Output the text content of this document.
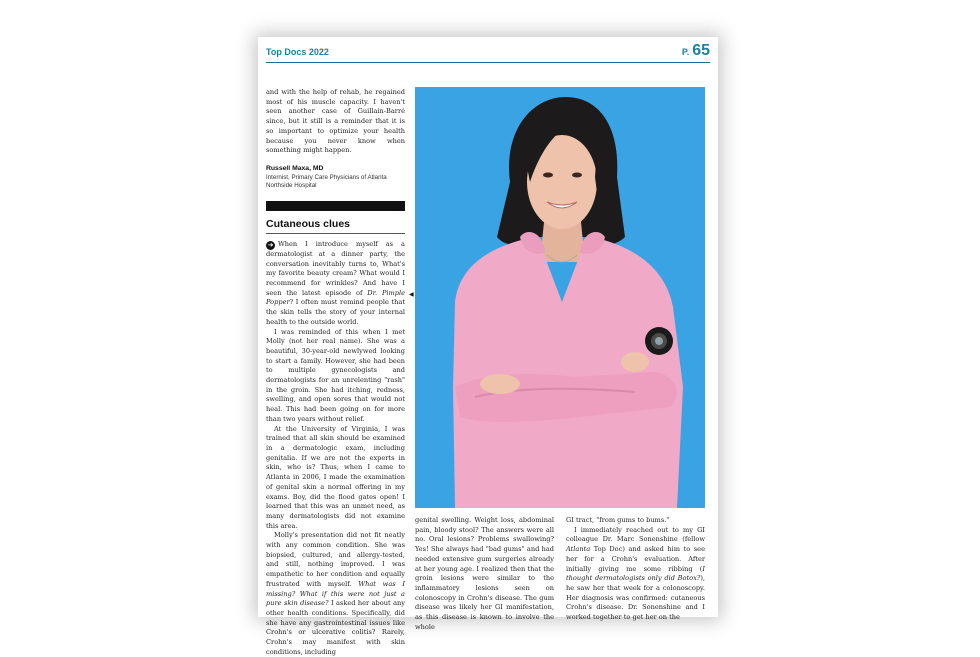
Top Docs 2022	P. 65

and with the help of rehab, he regained most of his muscle capacity. I haven't seen another case of Guillain-Barré since, but it still is a reminder that it is so important to optimize your health because you never know when something might happen.

Russell Maxa, MD
Internist, Primary Care Physicians of Atlanta Northside Hospital
Cutaneous clues

➔ When I introduce myself as a dermatologist at a dinner party, the conversation inevitably turns to, What's my favorite beauty cream? What would I recommend for wrinkles? And have I seen the latest episode of Dr. Pimple Popper? I often must remind people that the skin tells the story of your internal health to the outside world.

I was reminded of this when I met Molly (not her real name). She was a beautiful, 30-year-old newlywed looking to start a family. However, she had been to multiple gynecologists and dermatologists for an unrelenting "rash" in the groin. She had itching, redness, swelling, and open sores that would not heal. This had been going on for more than two years without relief.

At the University of Virginia, I was trained that all skin should be examined in a dermatologic exam, including genitalia. If we are not the experts in skin, who is? Thus, when I came to Atlanta in 2006, I made the examination of genital skin a normal offering in my exams. Boy, did the flood gates open! I learned that this was an unmet need, as many dermatologists did not examine this area.

Molly's presentation did not fit neatly with any common condition. She was biopsied, cultured, and allergy-tested, and still, nothing improved. I was empathetic to her condition and equally frustrated with myself. What was I missing? What if this were not just a pure skin disease? I asked her about any other health conditions. Specifically, did she have any gastrointestinal issues like Crohn's or ulcerative colitis? Rarely, Crohn's may manifest with skin conditions, including

◀

genital swelling. Weight loss, abdominal pain, bloody stool? The answers were all no. Oral lesions? Problems swallowing? Yes! She always had "bad gums" and had needed extensive gum surgeries already at her young age. I realized then that the groin lesions were similar to the inflammatory lesions seen on colonoscopy in Crohn's disease. The gum disease was likely her GI manifestation, as this disease is known to involve the whole

GI tract, "from gums to bums."

I immediately reached out to my GI colleague Dr. Marc Sonenshine (fellow Atlanta Top Doc) and asked him to see her for a Crohn's evaluation. After initially giving me some ribbing (I thought dermatologists only did Botox?), he saw her that week for a colonoscopy. Her diagnosis was confirmed: cutaneous Crohn's disease. Dr. Sonenshine and I worked together to get her on the
